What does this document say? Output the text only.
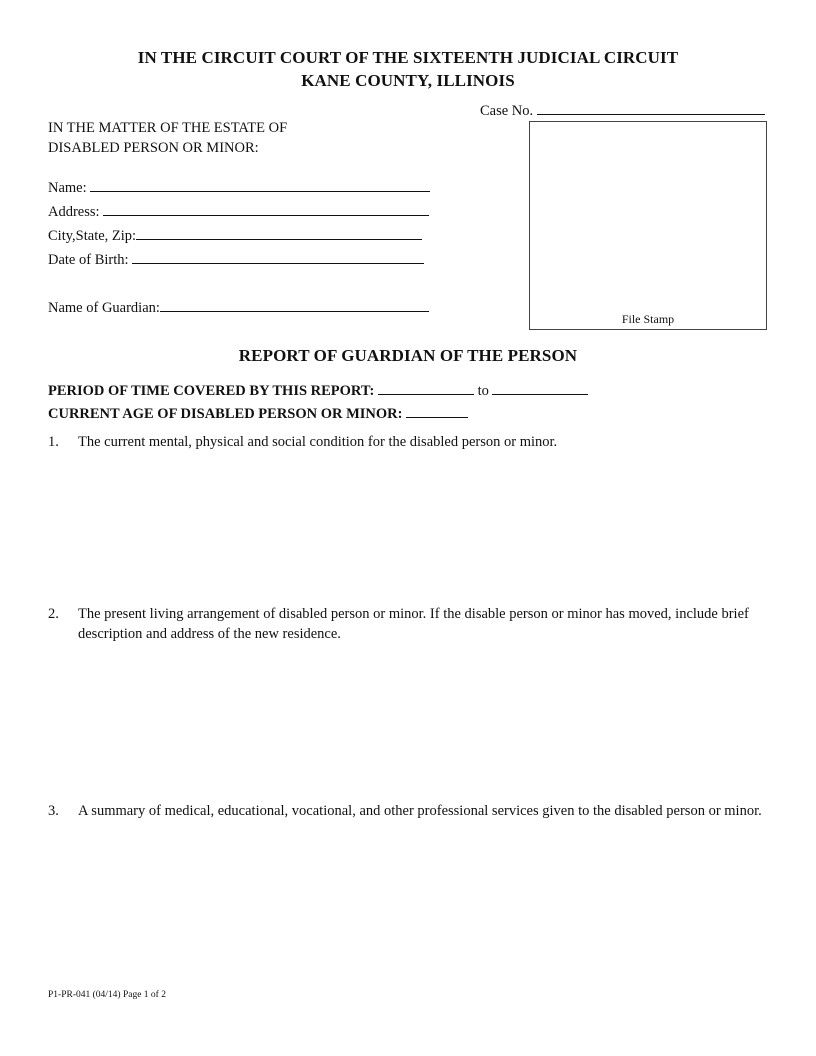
IN THE CIRCUIT COURT OF THE SIXTEENTH JUDICIAL CIRCUIT
KANE COUNTY, ILLINOIS
Case No.
IN THE MATTER OF THE ESTATE OF
DISABLED PERSON OR MINOR:
Name:
Address:
City,State, Zip:
Date of Birth:
Name of Guardian:
File Stamp
REPORT OF GUARDIAN OF THE PERSON
PERIOD OF TIME COVERED BY THIS REPORT:	to
CURRENT AGE OF DISABLED PERSON OR MINOR:
1. The current mental, physical and social condition for the disabled person or minor.
2. The present living arrangement of disabled person or minor. If the disable person or minor has moved, include brief description and address of the new residence.
3. A summary of medical, educational, vocational, and other professional services given to the disabled person or minor.
P1-PR-041 (04/14) Page 1 of 2
